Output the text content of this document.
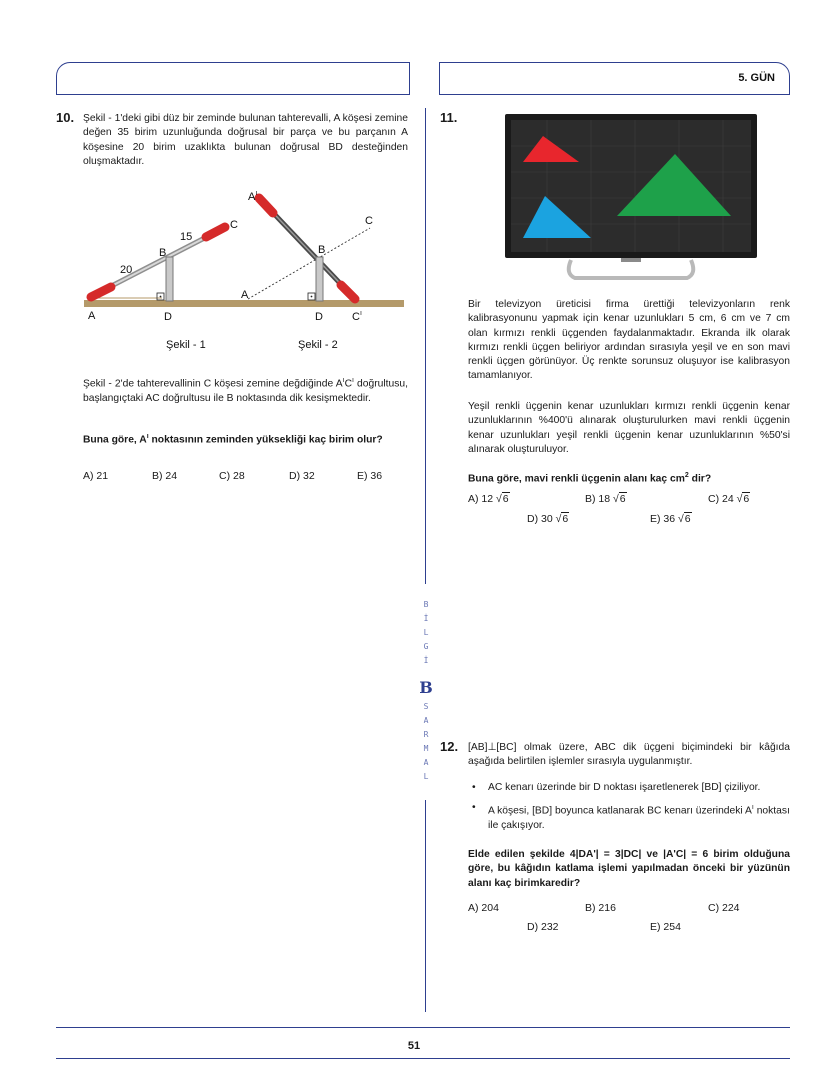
5. GÜN
B
İ
L
G
İ
B
S
A
R
M
A
L
10. Şekil - 1'deki gibi düz bir zeminde bulunan tahterevalli, A köşesi zemine değen 35 birim uzunluğunda doğrusal bir parça ve bu parçanın A köşesine 20 birim uzaklıkta bulunan doğrusal BD desteğinden oluşmaktadır.

A	D
B
C
20
15
Şekil - 1
$A^ı$
A
B
C
D	$C^ı$
Şekil - 2

Şekil - 2'de tahterevallinin C köşesi zemine değdiğinde $A^ıC^ı$ doğrultusu, başlangıçtaki AC doğrultusu ile B noktasında dik kesişmektedir.

Buna göre, $A^ı$ noktasının zeminden yüksekliği kaç birim olur?

A) 21	B) 24	C) 28	D) 32	E) 36
11.

Bir televizyon üreticisi firma ürettiği televizyonların renk kalibrasyonunu yapmak için kenar uzunlukları 5 cm, 6 cm ve 7 cm olan kırmızı renkli üçgenden faydalanmaktadır. Ekranda ilk olarak kırmızı renkli üçgen beliriyor ardından sırasıyla yeşil ve en son mavi renkli üçgen görünüyor. Üç renkte sorunsuz oluşuyor ise kalibrasyon tamamlanıyor.

Yeşil renkli üçgenin kenar uzunlukları kırmızı renkli üçgenin kenar uzunluklarının %400'ü alınarak oluşturulurken mavi renkli üçgenin kenar uzunlukları yeşil renkli üçgenin kenar uzunluklarının %50'si alınarak oluşturuluyor.

Buna göre, mavi renkli üçgenin alanı kaç $cm^2$ dir?

A) 12 √6	B) 18 √6	C) 24 √6
D) 30 √6	E) 36 √6
12. [AB]⊥[BC] olmak üzere, ABC dik üçgeni biçimindeki bir kâğıda aşağıda belirtilen işlemler sırasıyla uygulanmıştır.

• AC kenarı üzerinde bir D noktası işaretlenerek [BD] çiziliyor.
• A köşesi, [BD] boyunca katlanarak BC kenarı üzerindeki $A^ı$ noktası ile çakışıyor.

Elde edilen şekilde 4|DA'| = 3|DC| ve |A'C| = 6 birim olduğuna göre, bu kâğıdın katlama işlemi yapılmadan önceki bir yüzünün alanı kaç birimkaredir?

A) 204	B) 216	C) 224
D) 232	E) 254
51
